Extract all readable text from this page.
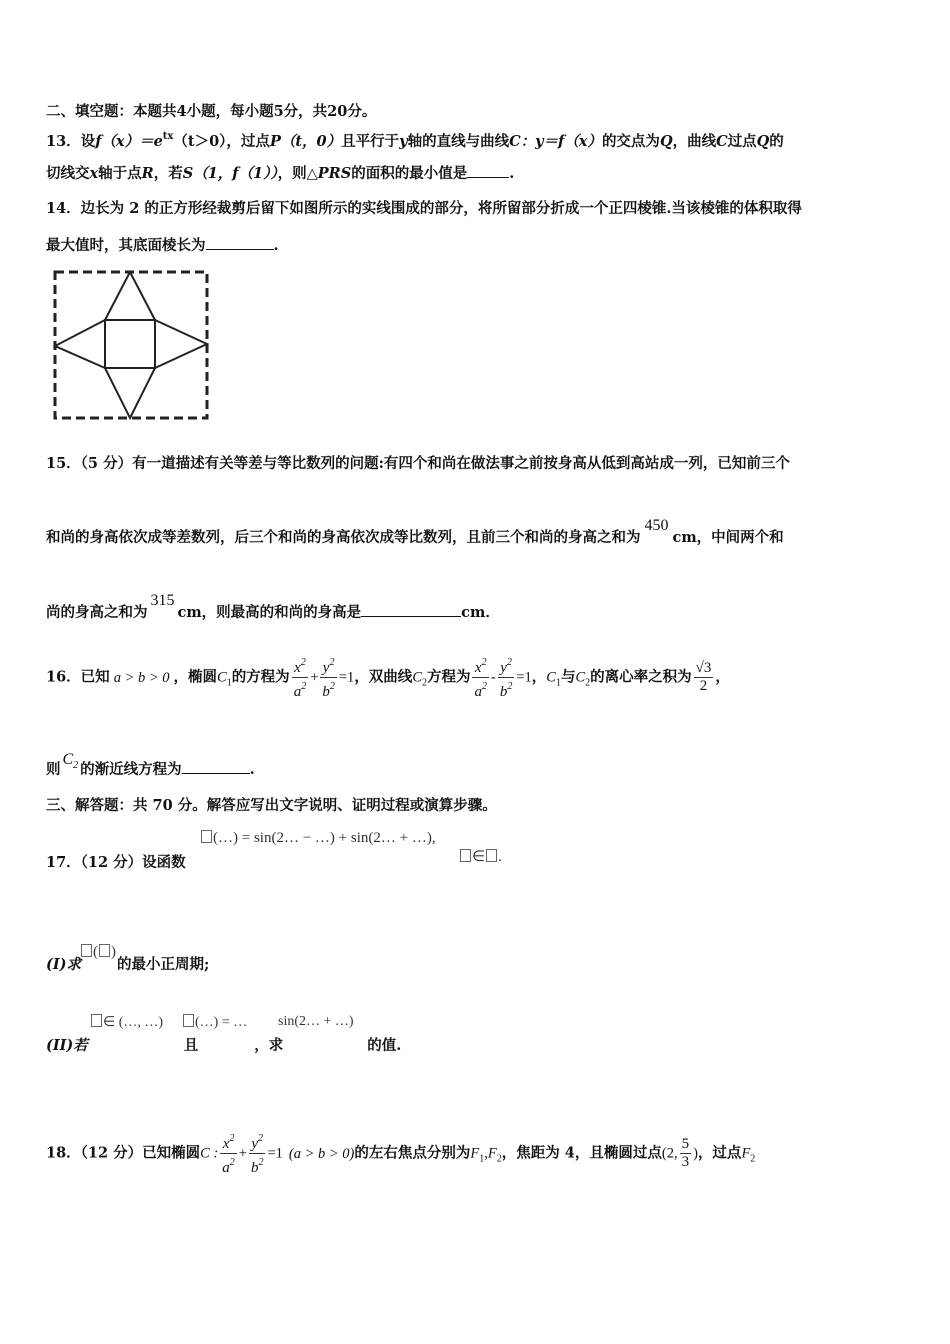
二、填空题：本题共4小题，每小题5分，共20分。
13．设$f(x)=e^{tx}(t>0)$，过点P（t，0）且平行于y轴的直线与曲线C：y＝f（x）的交点为Q，曲线C过点Q的
切线交x轴于点R，若S（1，f（1）），则△PRS的面积的最小值是	.
14．边长为 2 的正方形经裁剪后留下如图所示的实线围成的部分，将所留部分折成一个正四棱锥.当该棱锥的体积取得
最大值时，其底面棱长为	.
15．（5 分）有一道描述有关等差与等比数列的问题:有四个和尚在做法事之前按身高从低到高站成一列，已知前三个
和尚的身高依次成等差数列，后三个和尚的身高依次成等比数列，且前三个和尚的身高之和为450cm，中间两个和
尚的身高之和为315cm，则最高的和尚的身高是	cm．
16．已知 a > b > 0 ，椭圆$C_1$的方程为 $\frac{x^2}{a^2} + \frac{y^2}{b^2} =1$，双曲线$C_2$方程为 $\frac{x^2}{a^2} - \frac{y^2}{b^2} =1$，$C_1$与$C_2$的离心率之积为 $\frac{√3}{2}$ ，
则$C_2$ 的渐近线方程为	.
三、解答题：共 70 分。解答应写出文字说明、证明过程或演算步骤。
(…) = sin(2… − …) + sin(2… + …),
∈ .
17．（12 分）设函数
( )
(I)求 的最小正周期;
∈ (…, …)	(…) = … sin(2… + …)
(II)若	且	，求	的值.
18．（12 分）已知椭圆C : $\frac{x^2}{a^2} + \frac{y^2}{b^2} =1$ (a > b > 0)的左右焦点分别为$F_1,F_2$，焦距为 4，且椭圆过点(2, $\frac{5}{3}$ )，过点$F_2$
